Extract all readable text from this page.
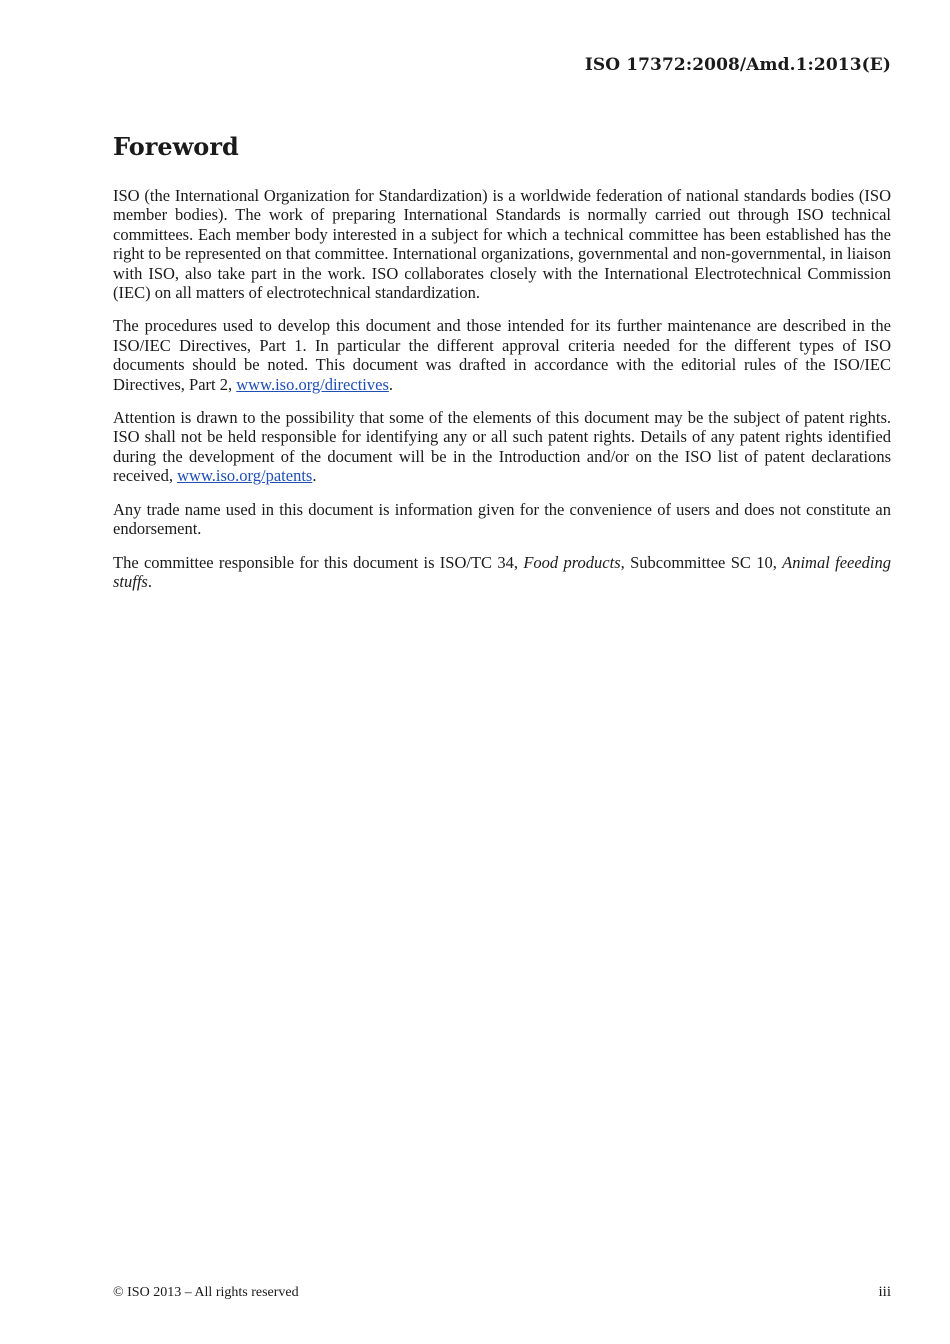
ISO 17372:2008/Amd.1:2013(E)
Foreword

ISO (the International Organization for Standardization) is a worldwide federation of national standards bodies (ISO member bodies). The work of preparing International Standards is normally carried out through ISO technical committees. Each member body interested in a subject for which a technical committee has been established has the right to be represented on that committee. International organizations, governmental and non-governmental, in liaison with ISO, also take part in the work. ISO collaborates closely with the International Electrotechnical Commission (IEC) on all matters of electrotechnical standardization.

The procedures used to develop this document and those intended for its further maintenance are described in the ISO/IEC Directives, Part 1. In particular the different approval criteria needed for the different types of ISO documents should be noted. This document was drafted in accordance with the editorial rules of the ISO/IEC Directives, Part 2, www.iso.org/directives.

Attention is drawn to the possibility that some of the elements of this document may be the subject of patent rights. ISO shall not be held responsible for identifying any or all such patent rights. Details of any patent rights identified during the development of the document will be in the Introduction and/or on the ISO list of patent declarations received, www.iso.org/patents.

Any trade name used in this document is information given for the convenience of users and does not constitute an endorsement.

The committee responsible for this document is ISO/TC 34, Food products, Subcommittee SC 10, Animal feeeding stuffs.

© ISO 2013 – All rights reserved	iii
